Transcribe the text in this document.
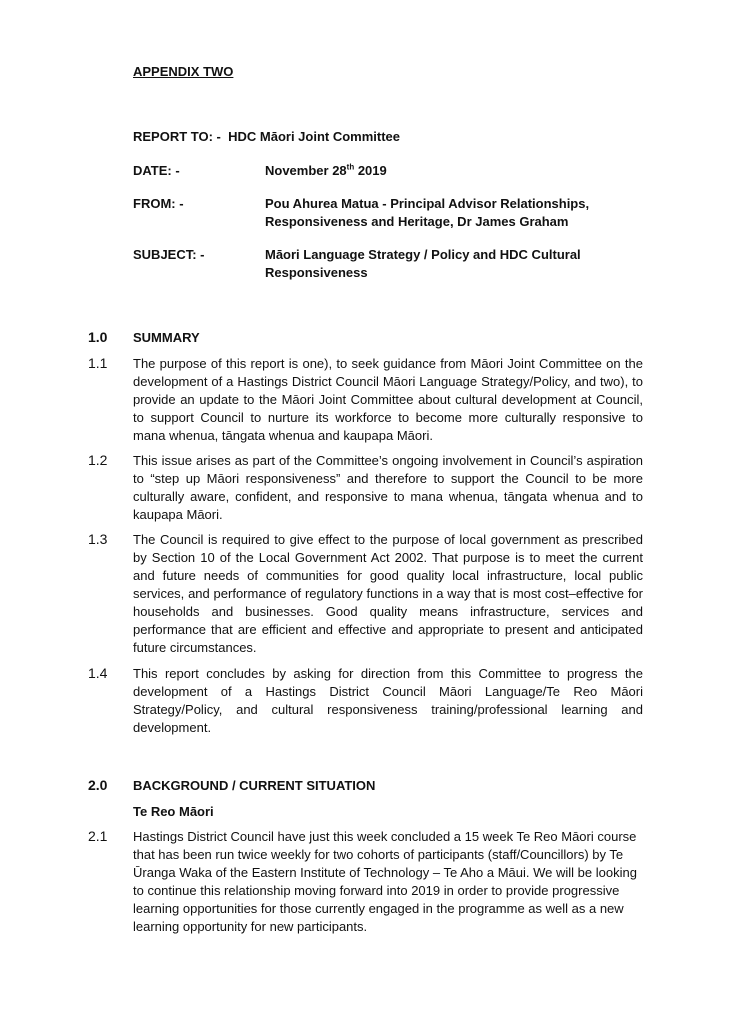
APPENDIX TWO
REPORT TO: - HDC Māori Joint Committee
DATE: -	November 28th 2019
FROM: -	Pou Ahurea Matua - Principal Advisor Relationships, Responsiveness and Heritage, Dr James Graham
SUBJECT: -	Māori Language Strategy / Policy and HDC Cultural Responsiveness
1.0 SUMMARY
1.1 The purpose of this report is one), to seek guidance from Māori Joint Committee on the development of a Hastings District Council Māori Language Strategy/Policy, and two), to provide an update to the Māori Joint Committee about cultural development at Council, to support Council to nurture its workforce to become more culturally responsive to mana whenua, tāngata whenua and kaupapa Māori.
1.2 This issue arises as part of the Committee’s ongoing involvement in Council’s aspiration to “step up Māori responsiveness” and therefore to support the Council to be more culturally aware, confident, and responsive to mana whenua, tāngata whenua and to kaupapa Māori.
1.3 The Council is required to give effect to the purpose of local government as prescribed by Section 10 of the Local Government Act 2002. That purpose is to meet the current and future needs of communities for good quality local infrastructure, local public services, and performance of regulatory functions in a way that is most cost–effective for households and businesses. Good quality means infrastructure, services and performance that are efficient and effective and appropriate to present and anticipated future circumstances.
1.4 This report concludes by asking for direction from this Committee to progress the development of a Hastings District Council Māori Language/Te Reo Māori Strategy/Policy, and cultural responsiveness training/professional learning and development.
2.0 BACKGROUND / CURRENT SITUATION
Te Reo Māori
2.1 Hastings District Council have just this week concluded a 15 week Te Reo Māori course that has been run twice weekly for two cohorts of participants (staff/Councillors) by Te Ūranga Waka of the Eastern Institute of Technology – Te Aho a Māui. We will be looking to continue this relationship moving forward into 2019 in order to provide progressive learning opportunities for those currently engaged in the programme as well as a new learning opportunity for new participants.
